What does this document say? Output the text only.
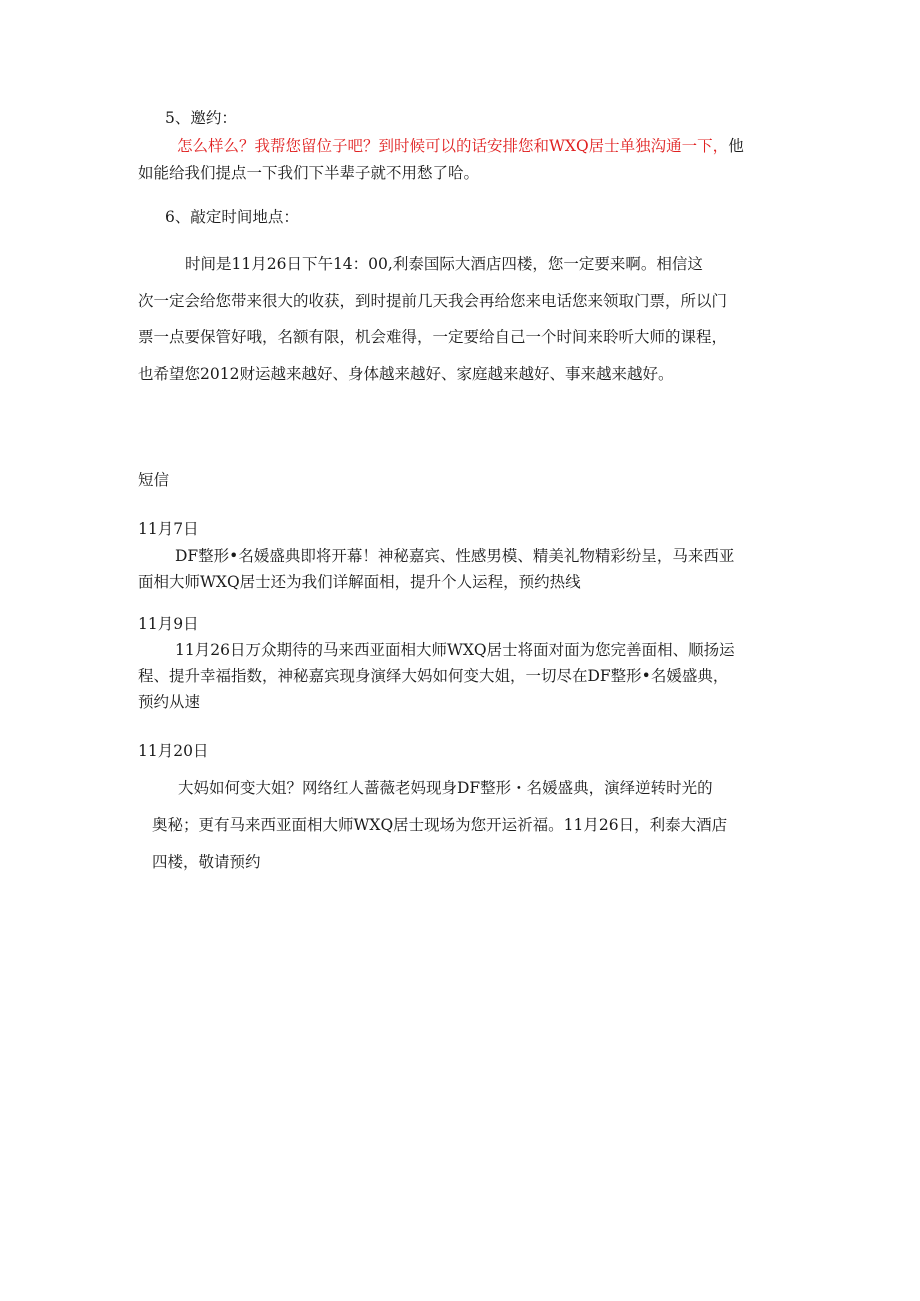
5、邀约：

怎么样么？我帮您留位子吧？到时候可以的话安排您和WXQ居士单独沟通一下，他

如能给我们提点一下我们下半辈子就不用愁了哈。

6、敲定时间地点：

时间是11月26日下午14：00,利泰国际大酒店四楼，您一定要来啊。相信这

次一定会给您带来很大的收获，到时提前几天我会再给您来电话您来领取门票，所以门

票一点要保管好哦，名额有限，机会难得，一定要给自己一个时间来聆听大师的课程，

也希望您2012财运越来越好、身体越来越好、家庭越来越好、事来越来越好。

短信

11月7日

DF整形•名媛盛典即将开幕！神秘嘉宾、性感男模、精美礼物精彩纷呈，马来西亚

面相大师WXQ居士还为我们详解面相，提升个人运程，预约热线

11月9日

11月26日万众期待的马来西亚面相大师WXQ居士将面对面为您完善面相、顺扬运

程、提升幸福指数，神秘嘉宾现身演绎大妈如何变大姐，一切尽在DF整形•名媛盛典，

预约从速

11月20日

大妈如何变大姐？网络红人蔷薇老妈现身DF整形・名媛盛典，演绎逆转时光的

奥秘；更有马来西亚面相大师WXQ居士现场为您开运祈福。11月26日，利泰大酒店

四楼，敬请预约
